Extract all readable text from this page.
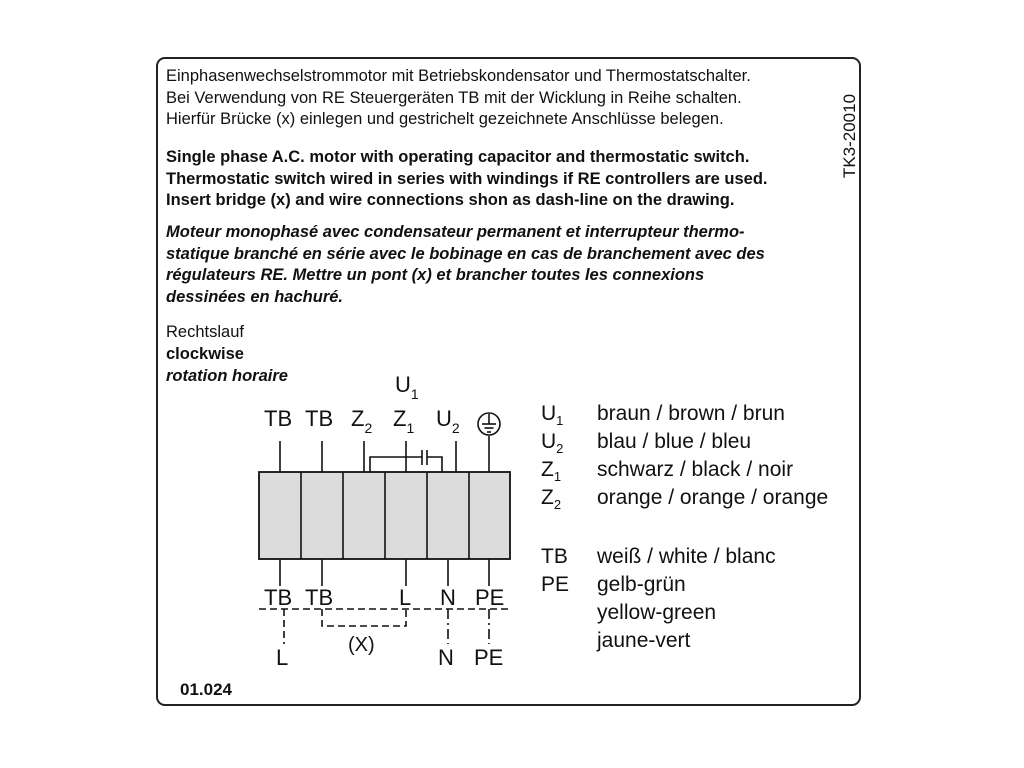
Einphasenwechselstrommotor mit Betriebskondensator und Thermostatschalter.
Bei Verwendung von RE Steuergeräten TB mit der Wicklung in Reihe schalten.
Hierfür Brücke (x) einlegen und gestrichelt gezeichnete Anschlüsse belegen.
Single phase A.C. motor with operating capacitor and thermostatic switch.
Thermostatic switch wired in series with windings if RE controllers are used.
Insert bridge (x) and wire connections shon as dash-line on the drawing.
Moteur monophasé avec condensateur permanent et interrupteur thermo-
statique branché en série avec le bobinage en cas de branchement avec des
régulateurs RE. Mettre un pont (x) et brancher toutes les connexions
dessinées en hachuré.
Rechtslauf
clockwise
rotation horaire
TK3-20010
01.024
$U_1$
TB TB $Z_2$ $Z_1$ $U_2$
TB TB	L N PE
(X)
L	N PE
$U_1$ braun / brown / brun
$U_2$ blau / blue / bleu
$Z_1$ schwarz / black / noir
$Z_2$ orange / orange / orange
TB weiß / white / blanc
PE gelb-grün
yellow-green
jaune-vert
